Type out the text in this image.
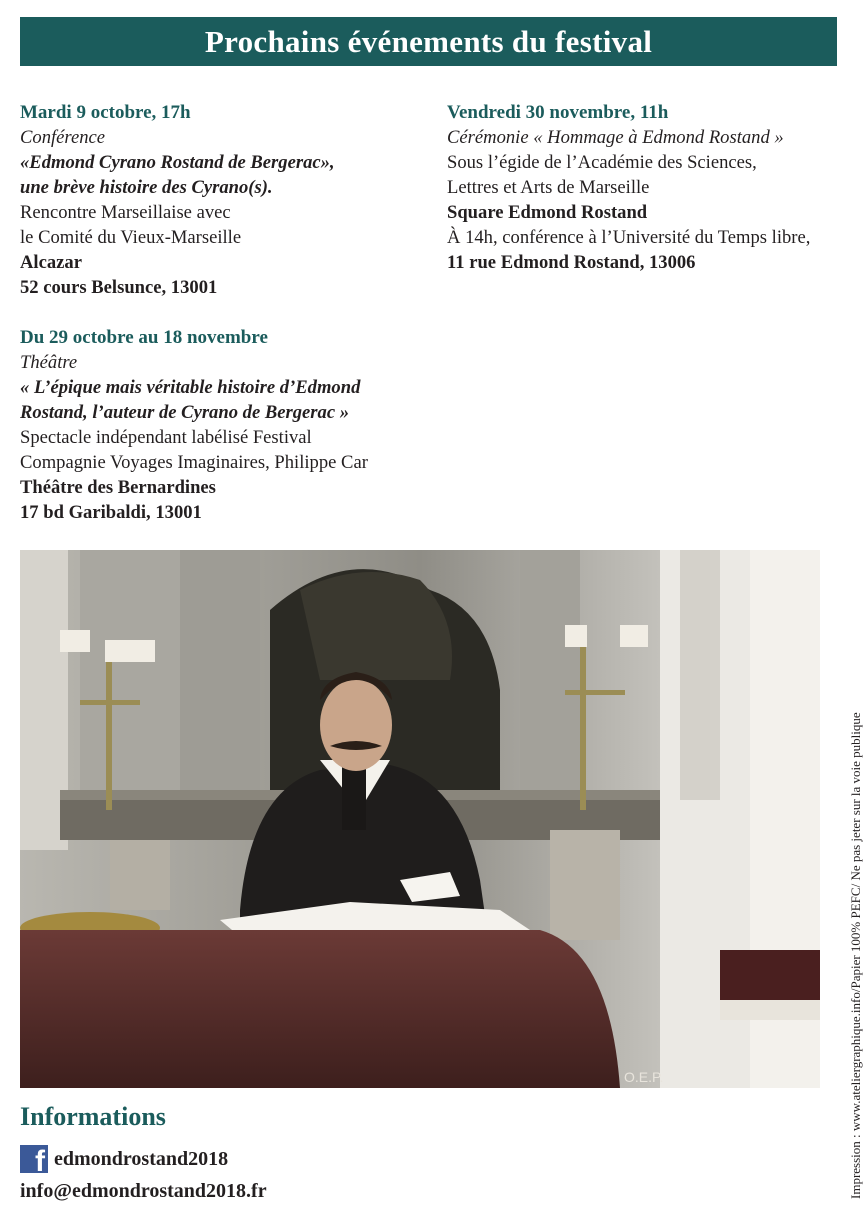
Prochains événements du festival
Mardi 9 octobre, 17h
Conférence
«Edmond Cyrano Rostand de Bergerac»,
une brève histoire des Cyrano(s).
Rencontre Marseillaise avec
le Comité du Vieux-Marseille
Alcazar
52 cours Belsunce, 13001
Du 29 octobre au 18 novembre
Théâtre
« L’épique mais véritable histoire d’Edmond
Rostand, l’auteur de Cyrano de Bergerac »
Spectacle indépendant labélisé Festival
Compagnie Voyages Imaginaires, Philippe Car
Théâtre des Bernardines
17 bd Garibaldi, 13001
Vendredi 30 novembre, 11h
Cérémonie « Hommage à Edmond Rostand »
Sous l’égide de l’Académie des Sciences,
Lettres et Arts de Marseille
Square Edmond Rostand
À 14h, conférence à l’Université du Temps libre,
11 rue Edmond Rostand, 13006
O.E.P.	Impression : www.ateliergraphique.info/Papier 100% PEFC/ Ne pas jeter sur la voie publique
Informations
f edmondrostand2018
info@edmondrostand2018.fr
